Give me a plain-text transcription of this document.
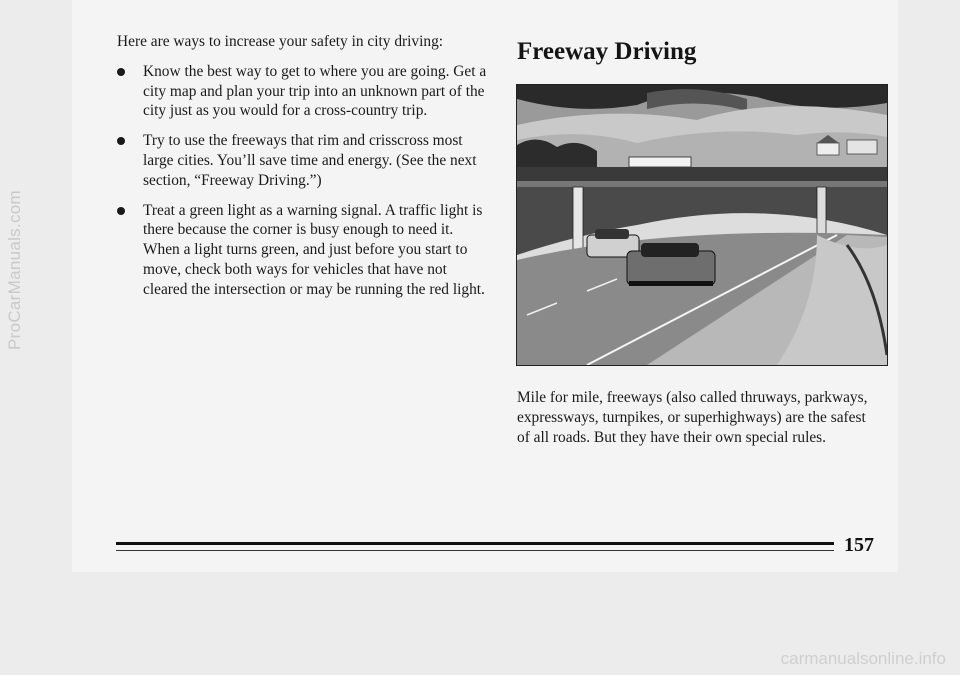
ProCarManuals.com

Here are ways to increase your safety in city driving:

Know the best way to get to where you are going. Get a city map and plan your trip into an unknown part of the city just as you would for a cross-country trip.
Try to use the freeways that rim and crisscross most large cities. You’ll save time and energy. (See the next section, “Freeway Driving.”)
Treat a green light as a warning signal. A traffic light is there because the corner is busy enough to need it. When a light turns green, and just before you start to move, check both ways for vehicles that have not cleared the intersection or may be running the red light.
Freeway Driving

Mile for mile, freeways (also called thruways, parkways, expressways, turnpikes, or superhighways) are the safest of all roads. But they have their own special rules.

157
carmanualsonline.info
